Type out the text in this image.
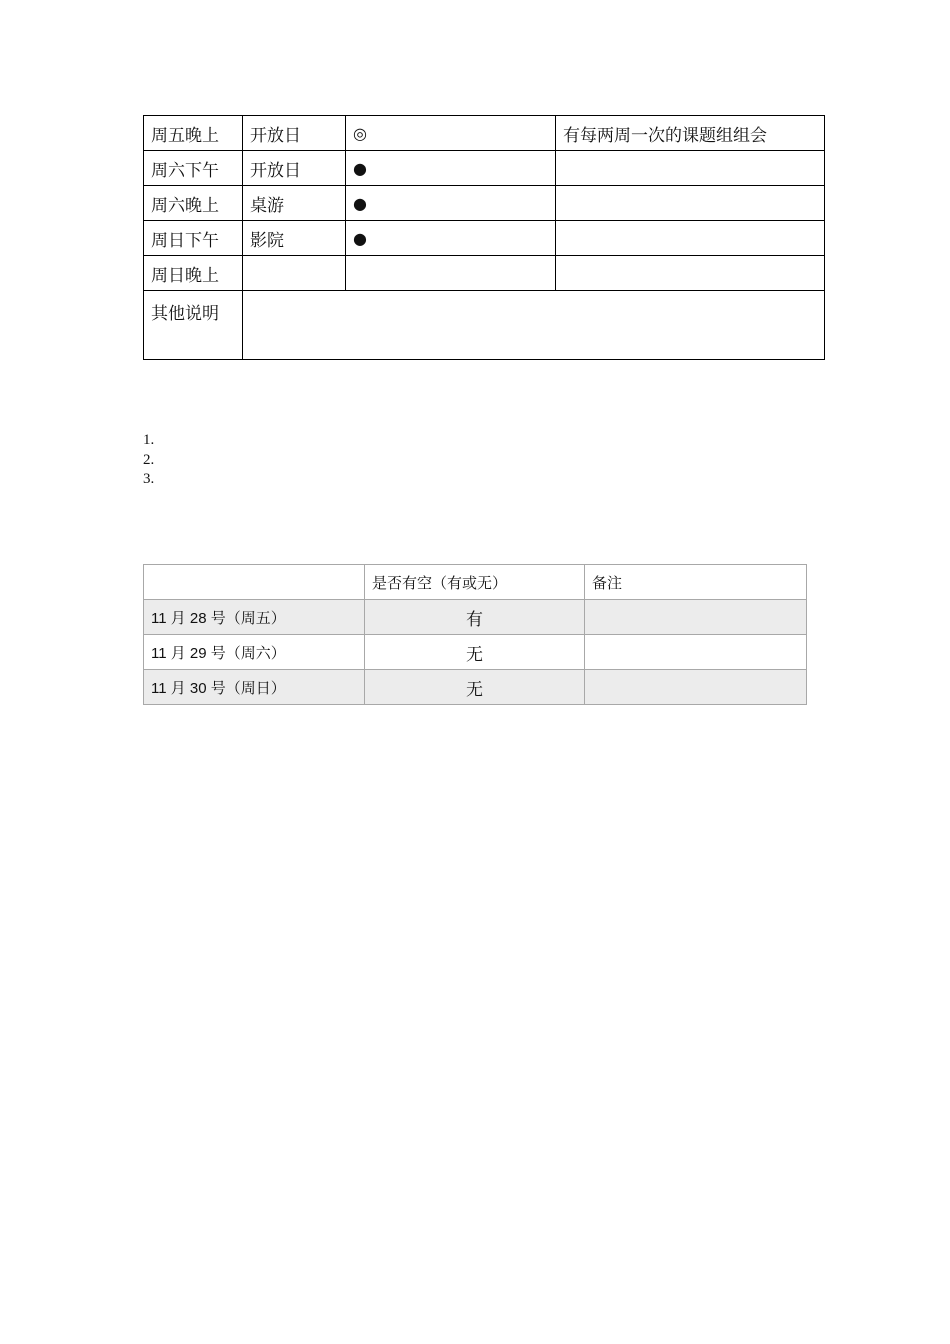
周五晚上	开放日	◎	有每两周一次的课题组组会
周六下午	开放日	●	
周六晚上	桌游	●	
周日下午	影院	●	
周日晚上			
其他说明			
1.
2.
3.
	是否有空（有或无）	备注
11 月 28 号（周五）	有	
11 月 29 号（周六）	无	
11 月 30 号（周日）	无	
